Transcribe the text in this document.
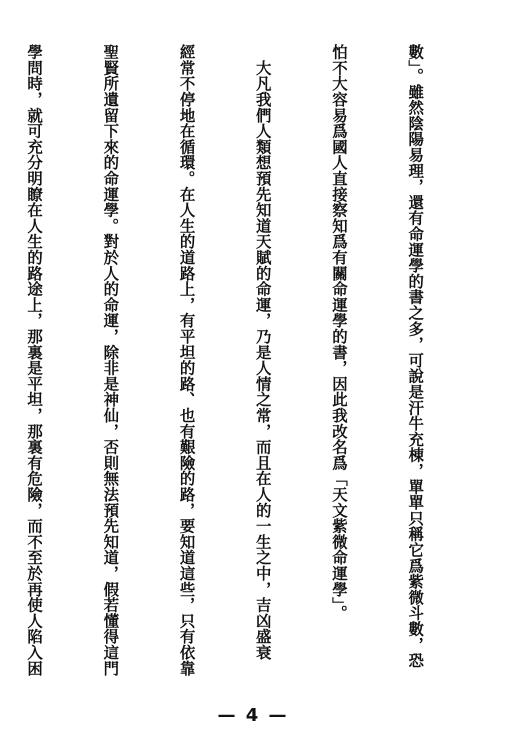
數」。雖然陰陽易理，還有命運學的書之多，可說是汗牛充棟，單單只稱它爲紫微斗數，恐

怕不大容易爲國人直接察知爲有關命運學的書，因此我改名爲「天文紫微命運學」。

　大凡我們人類想預先知道天賦的命運，乃是人情之常，而且在人的一生之中，吉凶盛衰

經常不停地在循環。在人生的道路上，有平坦的路、也有艱險的路，要知道這些，只有依靠

聖賢所遺留下來的命運學。對於人的命運，除非是神仙，否則無法預先知道，假若懂得這門

學問時，就可充分明瞭在人生的路途上，那裏是平坦，那裏有危險，而不至於再使人陷入困

— 4 —
